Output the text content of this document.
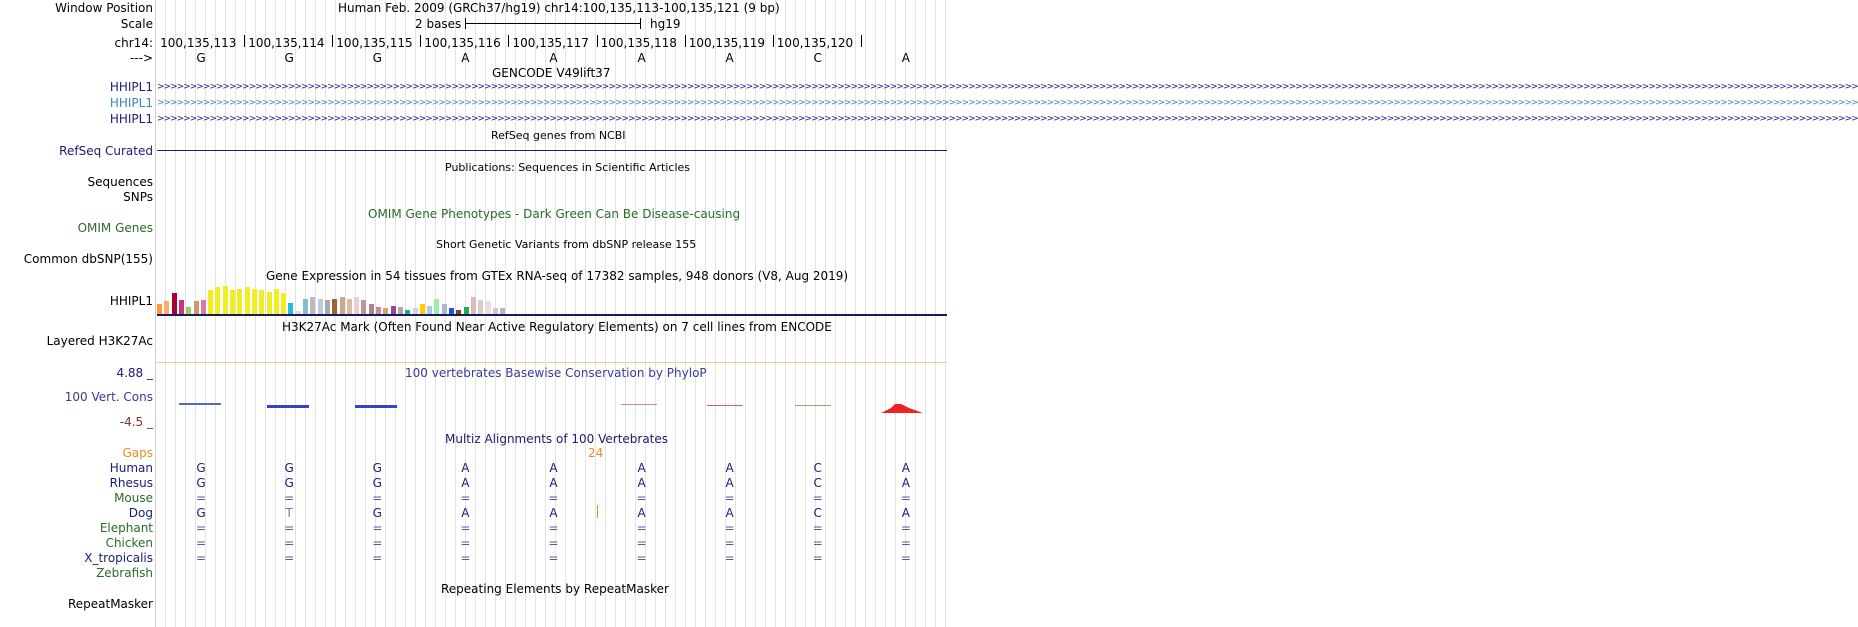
Window Position	Human Feb. 2009 (GRCh37/hg19) chr14:100,135,113-100,135,121 (9 bp)
Scale	2 bases	hg19
chr14: 100,135,113 100,135,114 100,135,115 100,135,116 100,135,117 100,135,118 100,135,119 100,135,120
--->	G	G	G	A	A	A	A	C	A
GENCODE V49lift37
HHIPL1
HHIPL1
HHIPL1
>>>>>>>>>>>>>>>>>>>>>>>>>>>>>>>>>>>>>>>>>>>>>>>>>>>>>>>>>>>>>>>>>>>>>>>>>>>>>>>>>>>>>>>>>>>>>>>>>>>>>>>>>>>>>>>>>>>>>>>>>>>>>>>>>>>>>>>>>>>>>>>>>>>>>>>>>>>>>>>>>>>>>>>>>>>>>>>>>>>>>>>>>>>>>>>>>>>>>>>>>>>>>>>>>>>>>>>>>>>>>>>>>>>>>>>>>>>>>>>>>>>>>>>>>>>>>>>>>>>>
>>>>>>>>>>>>>>>>>>>>>>>>>>>>>>>>>>>>>>>>>>>>>>>>>>>>>>>>>>>>>>>>>>>>>>>>>>>>>>>>>>>>>>>>>>>>>>>>>>>>>>>>>>>>>>>>>>>>>>>>>>>>>>>>>>>>>>>>>>>>>>>>>>>>>>>>>>>>>>>>>>>>>>>>>>>>>>>>>>>>>>>>>>>>>>>>>>>>>>>>>>>>>>>>>>>>>>>>>>>>>>>>>>>>>>>>>>>>>>>>>>>>>>>>>>>>>>>>>>>>
>>>>>>>>>>>>>>>>>>>>>>>>>>>>>>>>>>>>>>>>>>>>>>>>>>>>>>>>>>>>>>>>>>>>>>>>>>>>>>>>>>>>>>>>>>>>>>>>>>>>>>>>>>>>>>>>>>>>>>>>>>>>>>>>>>>>>>>>>>>>>>>>>>>>>>>>>>>>>>>>>>>>>>>>>>>>>>>>>>>>>>>>>>>>>>>>>>>>>>>>>>>>>>>>>>>>>>>>>>>>>>>>>>>>>>>>>>>>>>>>>>>>>>>>>>>>>>>>>>>>
RefSeq genes from NCBI
RefSeq Curated
Publications: Sequences in Scientific Articles
Sequences
SNPs
OMIM Gene Phenotypes - Dark Green Can Be Disease-causing
OMIM Genes
Short Genetic Variants from dbSNP release 155
Common dbSNP(155)
Gene Expression in 54 tissues from GTEx RNA-seq of 17382 samples, 948 donors (V8, Aug 2019)
HHIPL1
H3K27Ac Mark (Often Found Near Active Regulatory Elements) on 7 cell lines from ENCODE
Layered H3K27Ac
4.88 _	100 vertebrates Basewise Conservation by PhyloP
100 Vert. Cons
-4.5 _
Multiz Alignments of 100 Vertebrates
Gaps	24
Human	G	G	G	A	A	A	A	C	A
Rhesus	G	G	G	A	A	A	A	C	A
Mouse	=	=	=	=	=	=	=	=	=
Dog	G	T	G	A	A	A	A	C	A
Elephant	=	=	=	=	=	=	=	=	=
Chicken	=	=	=	=	=	=	=	=	=
X_tropicalis	=	=	=	=	=	=	=	=	=
Zebrafish
Repeating Elements by RepeatMasker
RepeatMasker
